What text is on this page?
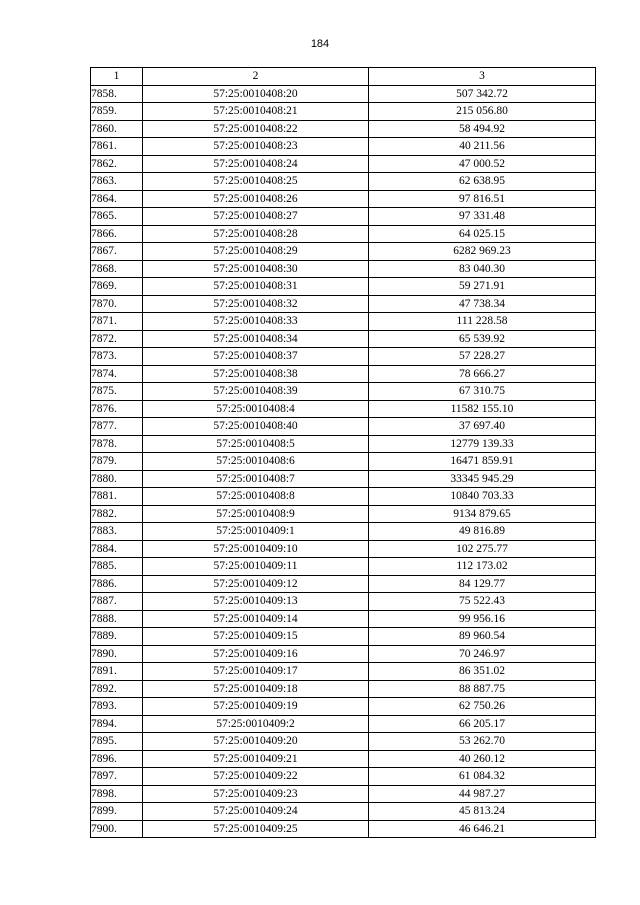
184
1	2	3
7858.	57:25:0010408:20	507 342.72
7859.	57:25:0010408:21	215 056.80
7860.	57:25:0010408:22	58 494.92
7861.	57:25:0010408:23	40 211.56
7862.	57:25:0010408:24	47 000.52
7863.	57:25:0010408:25	62 638.95
7864.	57:25:0010408:26	97 816.51
7865.	57:25:0010408:27	97 331.48
7866.	57:25:0010408:28	64 025.15
7867.	57:25:0010408:29	6282 969.23
7868.	57:25:0010408:30	83 040.30
7869.	57:25:0010408:31	59 271.91
7870.	57:25:0010408:32	47 738.34
7871.	57:25:0010408:33	111 228.58
7872.	57:25:0010408:34	65 539.92
7873.	57:25:0010408:37	57 228.27
7874.	57:25:0010408:38	78 666.27
7875.	57:25:0010408:39	67 310.75
7876.	57:25:0010408:4	11582 155.10
7877.	57:25:0010408:40	37 697.40
7878.	57:25:0010408:5	12779 139.33
7879.	57:25:0010408:6	16471 859.91
7880.	57:25:0010408:7	33345 945.29
7881.	57:25:0010408:8	10840 703.33
7882.	57:25:0010408:9	9134 879.65
7883.	57:25:0010409:1	49 816.89
7884.	57:25:0010409:10	102 275.77
7885.	57:25:0010409:11	112 173.02
7886.	57:25:0010409:12	84 129.77
7887.	57:25:0010409:13	75 522.43
7888.	57:25:0010409:14	99 956.16
7889.	57:25:0010409:15	89 960.54
7890.	57:25:0010409:16	70 246.97
7891.	57:25:0010409:17	86 351.02
7892.	57:25:0010409:18	88 887.75
7893.	57:25:0010409:19	62 750.26
7894.	57:25:0010409:2	66 205.17
7895.	57:25:0010409:20	53 262.70
7896.	57:25:0010409:21	40 260.12
7897.	57:25:0010409:22	61 084.32
7898.	57:25:0010409:23	44 987.27
7899.	57:25:0010409:24	45 813.24
7900.	57:25:0010409:25	46 646.21
